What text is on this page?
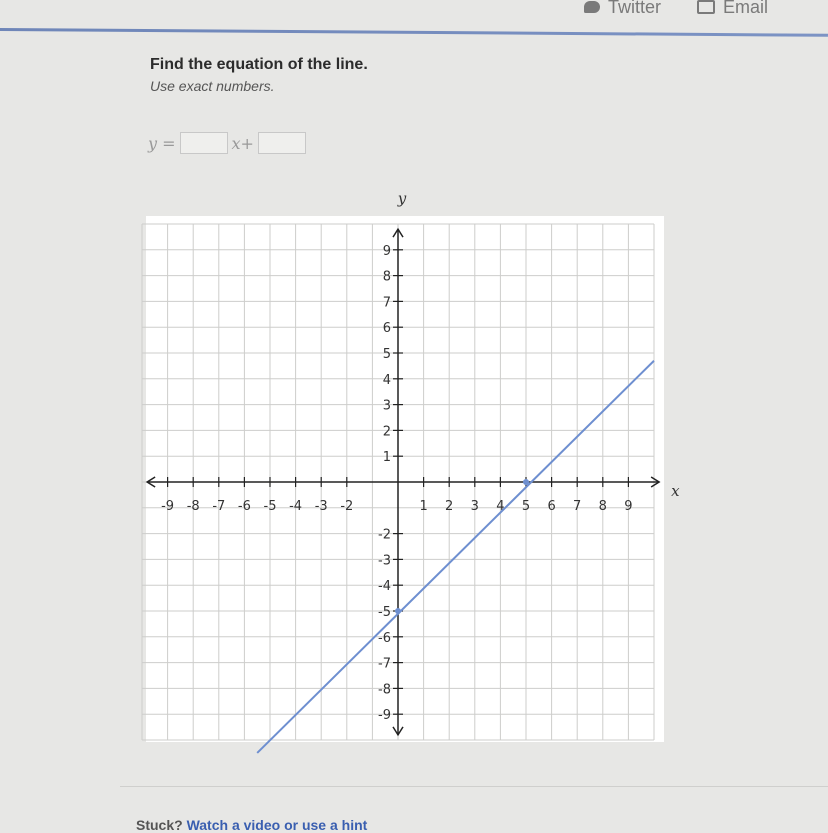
Twitter	Email
Find the equation of the line.
Use exact numbers.
y =	x+
-9 -8 -7 -6 -5 -4 -3 -2	1 2 3 4 5 6 7 8 9
9
8
7
6
5
4
3
2
1
-2
-3
-4
-5
-6
-7
-8
-9
x
y
Stuck? Watch a video or use a hint
